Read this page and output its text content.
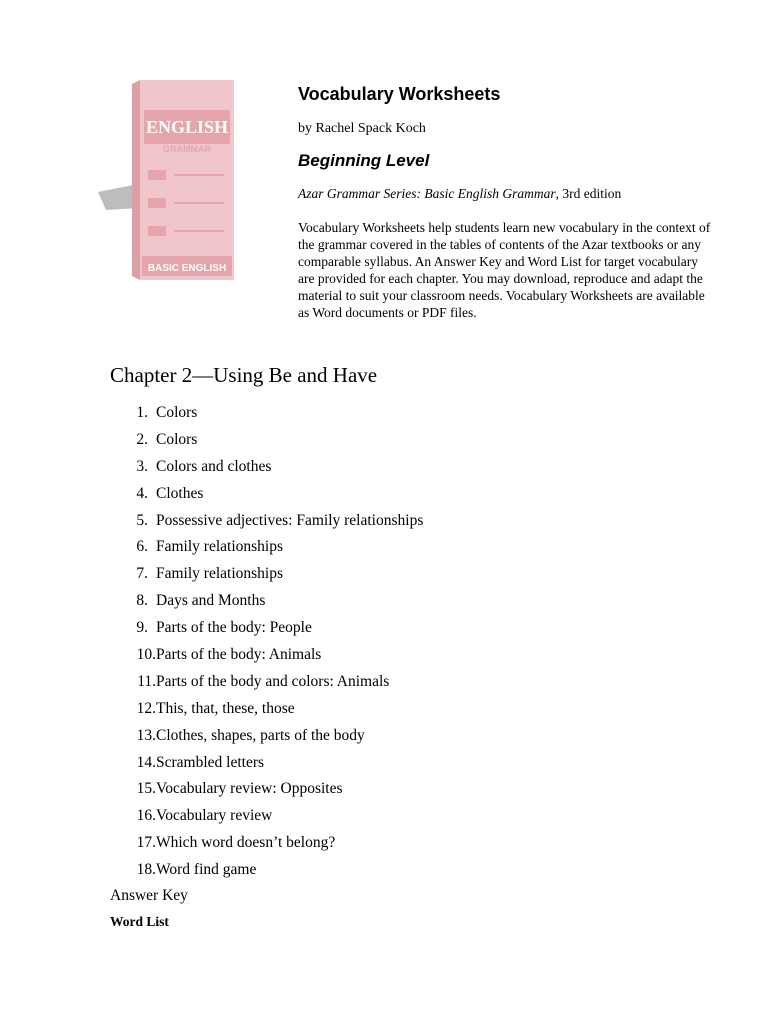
ENGLISH
GRAMMAR
BASIC ENGLISH
Vocabulary Worksheets
by Rachel Spack Koch
Beginning Level
Azar Grammar Series: Basic English Grammar, 3rd edition
Vocabulary Worksheets help students learn new vocabulary in the context of the grammar covered in the tables of contents of the Azar textbooks or any comparable syllabus. An Answer Key and Word List for target vocabulary are provided for each chapter. You may download, reproduce and adapt the material to suit your classroom needs. Vocabulary Worksheets are available as Word documents or PDF files.
Chapter 2—Using Be and Have
1. Colors
2. Colors
3. Colors and clothes
4. Clothes
5. Possessive adjectives: Family relationships
6. Family relationships
7. Family relationships
8. Days and Months
9. Parts of the body: People
10. Parts of the body: Animals
11. Parts of the body and colors: Animals
12. This, that, these, those
13. Clothes, shapes, parts of the body
14. Scrambled letters
15. Vocabulary review: Opposites
16. Vocabulary review
17. Which word doesn’t belong?
18. Word find game
Answer Key
Word List
